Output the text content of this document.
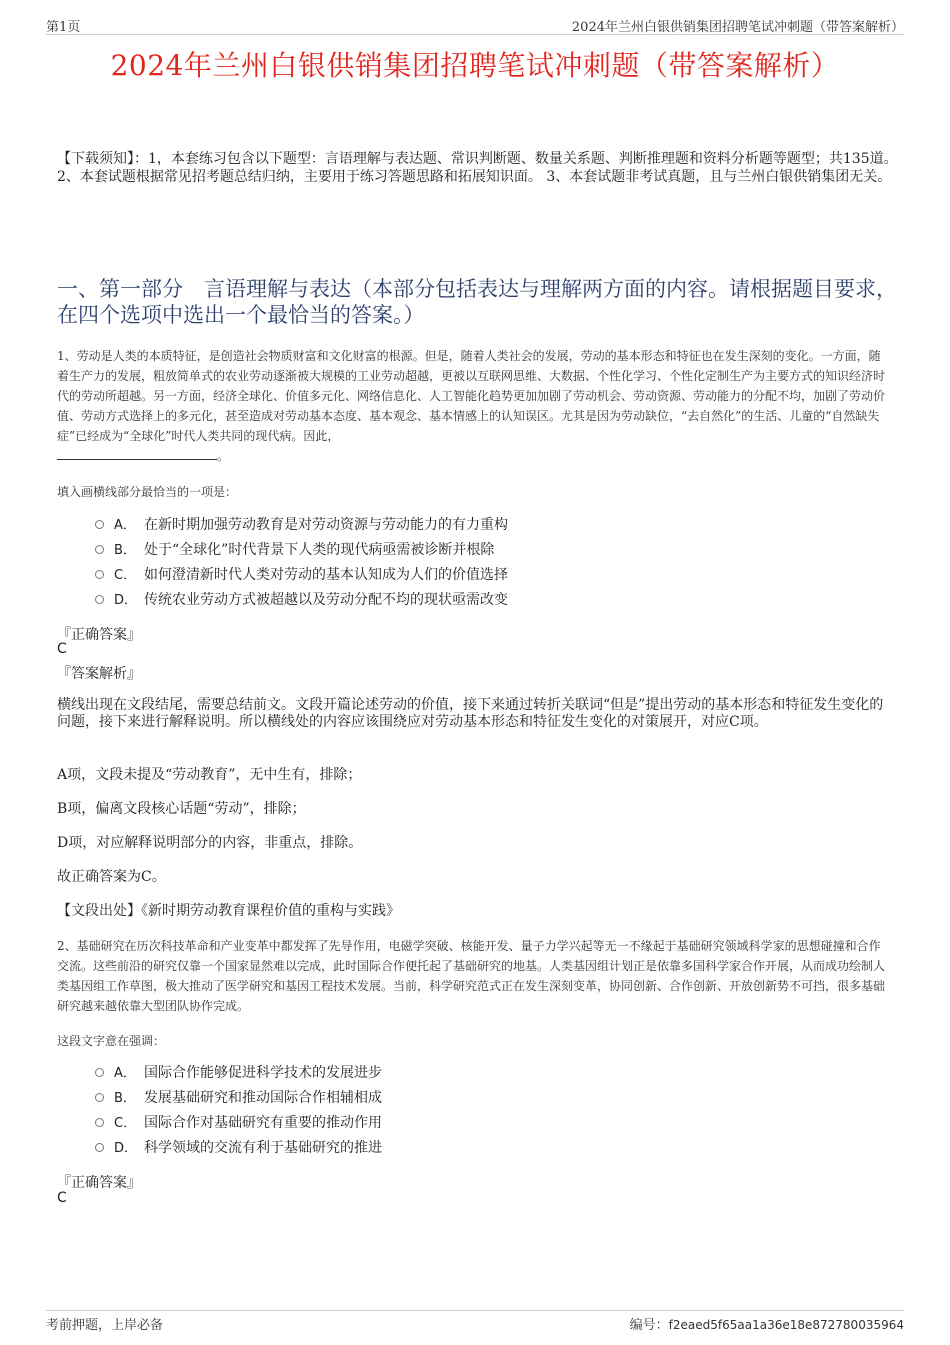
第1页	2024年兰州白银供销集团招聘笔试冲刺题（带答案解析）
2024年兰州白银供销集团招聘笔试冲刺题（带答案解析）
【下载须知】：1，本套练习包含以下题型：言语理解与表达题、常识判断题、数量关系题、判断推理题和资料分析题等题型；共135道。 2、本套试题根据常见招考题总结归纳，主要用于练习答题思路和拓展知识面。 3、本套试题非考试真题，且与兰州白银供销集团无关。
一、第一部分　言语理解与表达（本部分包括表达与理解两方面的内容。请根据题目要求，在四个选项中选出一个最恰当的答案。）
1、劳动是人类的本质特征，是创造社会物质财富和文化财富的根源。但是，随着人类社会的发展，劳动的基本形态和特征也在发生深刻的变化。一方面，随着生产力的发展，粗放简单式的农业劳动逐渐被大规模的工业劳动超越，更被以互联网思维、大数据、个性化学习、个性化定制生产为主要方式的知识经济时代的劳动所超越。另一方面，经济全球化、价值多元化、网络信息化、人工智能化趋势更加加剧了劳动机会、劳动资源、劳动能力的分配不均，加剧了劳动价值、劳动方式选择上的多元化，甚至造成对劳动基本态度、基本观念、基本情感上的认知误区。尤其是因为劳动缺位，“去自然化”的生活、儿童的“自然缺失症”已经成为“全球化”时代人类共同的现代病。因此，
。
填入画横线部分最恰当的一项是：
A． 在新时期加强劳动教育是对劳动资源与劳动能力的有力重构
B． 处于“全球化”时代背景下人类的现代病亟需被诊断并根除
C． 如何澄清新时代人类对劳动的基本认知成为人们的价值选择
D． 传统农业劳动方式被超越以及劳动分配不均的现状亟需改变
『正确答案』
C
『答案解析』
横线出现在文段结尾，需要总结前文。文段开篇论述劳动的价值，接下来通过转折关联词“但是”提出劳动的基本形态和特征发生变化的问题，接下来进行解释说明。所以横线处的内容应该围绕应对劳动基本形态和特征发生变化的对策展开，对应C项。
A项，文段未提及“劳动教育”，无中生有，排除；
B项，偏离文段核心话题“劳动”，排除；
D项，对应解释说明部分的内容，非重点，排除。
故正确答案为C。
【文段出处】《新时期劳动教育课程价值的重构与实践》
2、基础研究在历次科技革命和产业变革中都发挥了先导作用，电磁学突破、核能开发、量子力学兴起等无一不缘起于基础研究领域科学家的思想碰撞和合作交流。这些前沿的研究仅靠一个国家显然难以完成，此时国际合作便托起了基础研究的地基。人类基因组计划正是依靠多国科学家合作开展，从而成功绘制人类基因组工作草图，极大推动了医学研究和基因工程技术发展。当前，科学研究范式正在发生深刻变革，协同创新、合作创新、开放创新势不可挡，很多基础研究越来越依靠大型团队协作完成。
这段文字意在强调：
A． 国际合作能够促进科学技术的发展进步
B． 发展基础研究和推动国际合作相辅相成
C． 国际合作对基础研究有重要的推动作用
D． 科学领域的交流有利于基础研究的推进
『正确答案』
C
考前押题，上岸必备	编号：f2eaed5f65aa1a36e18e872780035964
